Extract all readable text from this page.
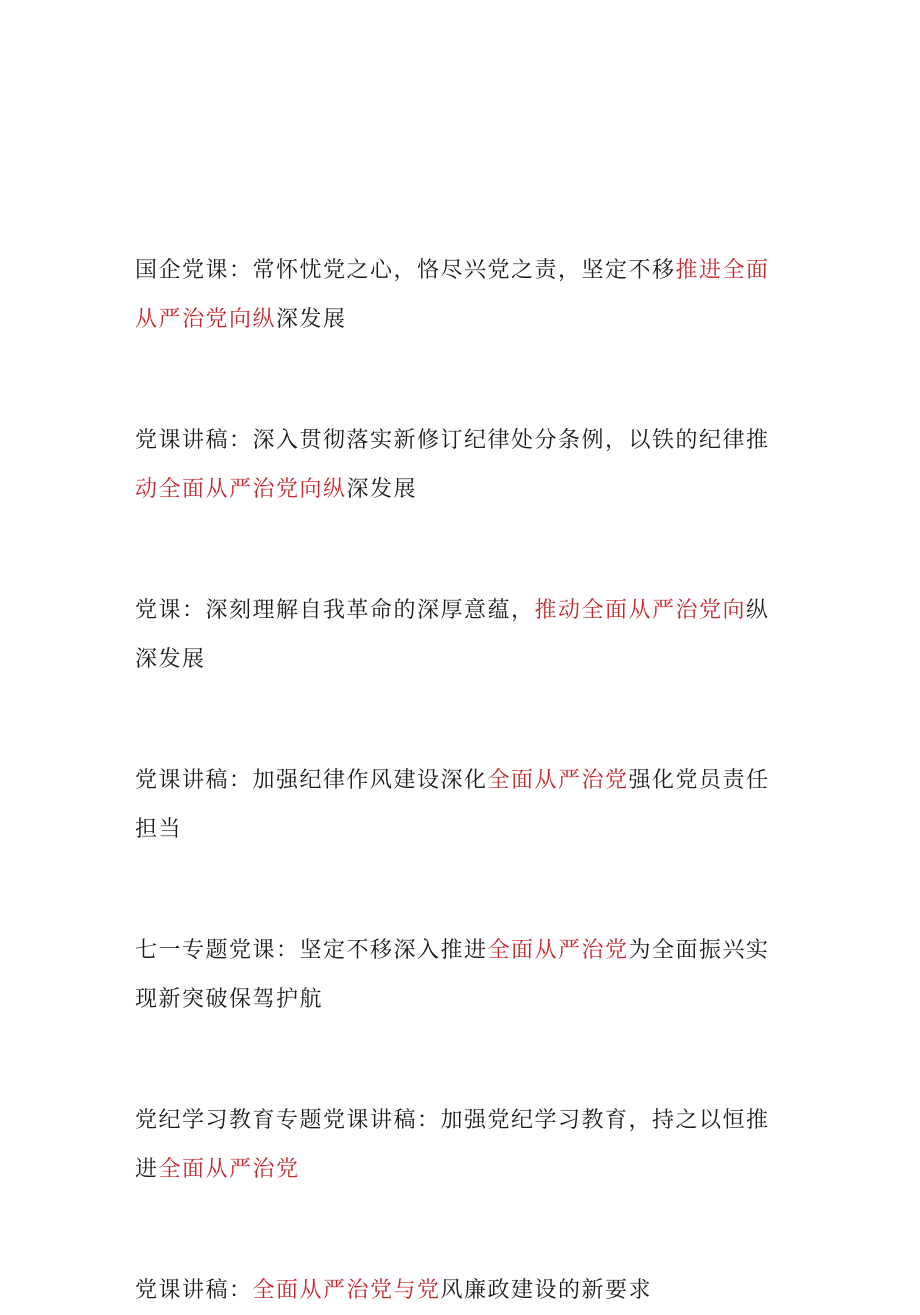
国企党课：常怀忧党之心，恪尽兴党之责，坚定不移推进全面从严治党向纵深发展

党课讲稿：深入贯彻落实新修订纪律处分条例，以铁的纪律推动全面从严治党向纵深发展

党课：深刻理解自我革命的深厚意蕴，推动全面从严治党向纵深发展

党课讲稿：加强纪律作风建设深化全面从严治党强化党员责任担当

七一专题党课：坚定不移深入推进全面从严治党为全面振兴实现新突破保驾护航

党纪学习教育专题党课讲稿：加强党纪学习教育，持之以恒推进全面从严治党

党课讲稿：全面从严治党与党风廉政建设的新要求
